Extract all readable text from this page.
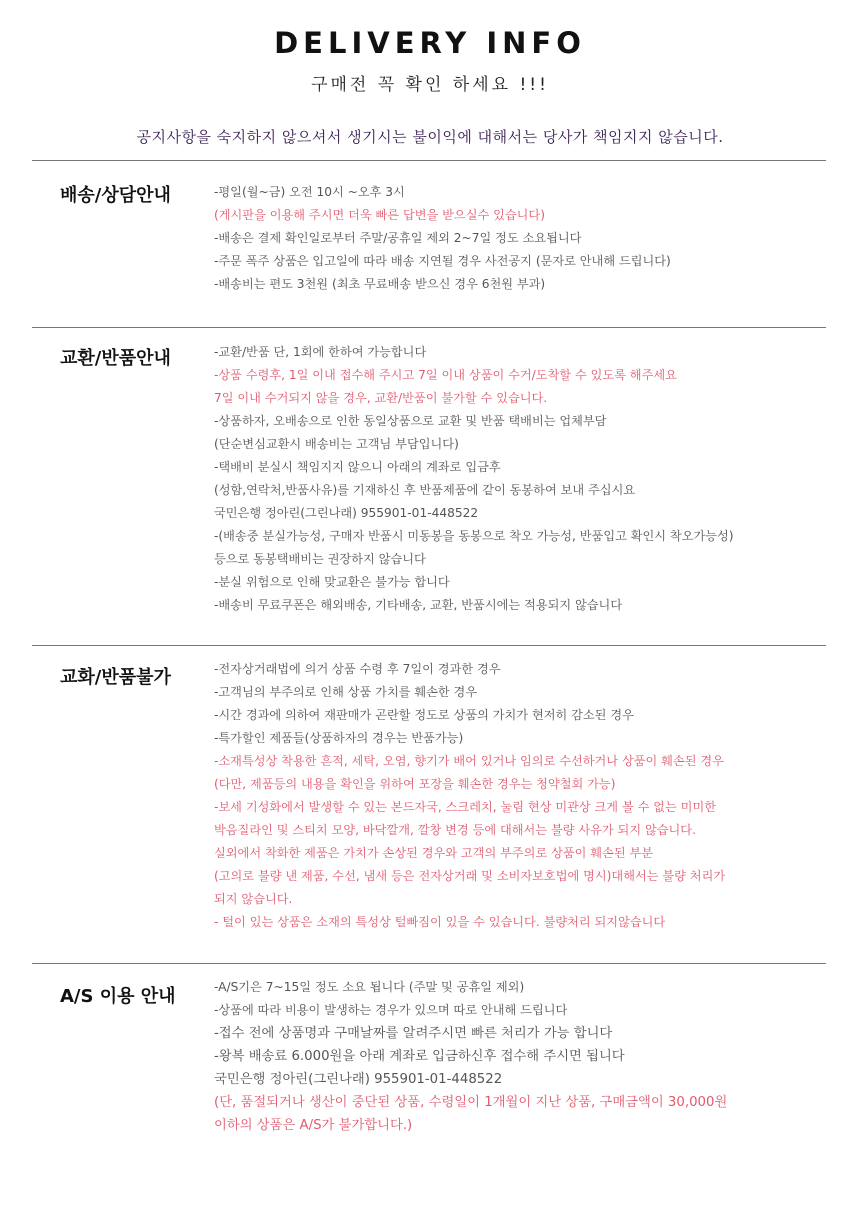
DELIVERY INFO
구매전 꼭 확인 하세요 !!!
공지사항을 숙지하지 않으셔서 생기시는 불이익에 대해서는 당사가 책임지지 않습니다.
배송/상담안내	-평일(월~금) 오전 10시 ~오후 3시
(게시판을 이용해 주시면 더욱 빠른 답변을 받으실수 있습니다)
-배송은 결제 확인일로부터 주말/공휴일 제외 2~7일 정도 소요됩니다
-주문 폭주 상품은 입고일에 따라 배송 지연될 경우 사전공지 (문자로 안내해 드립니다)
-배송비는 편도 3천원 (최초 무료배송 받으신 경우 6천원 부과)
교환/반품안내	-교환/반품 단, 1회에 한하여 가능합니다
-상품 수령후, 1일 이내 접수해 주시고 7일 이내 상품이 수거/도착할 수 있도록 해주세요
7일 이내 수거되지 않을 경우, 교환/반품이 불가할 수 있습니다.
-상품하자, 오배송으로 인한 동일상품으로 교환 및 반품 택배비는 업체부담
(단순변심교환시 배송비는 고객님 부담입니다)
-택배비 분실시 책임지지 않으니 아래의 계좌로 입금후
(성함,연락처,반품사유)를 기재하신 후 반품제품에 같이 동봉하여 보내 주십시요
국민은행 정아린(그린나래) 955901-01-448522
-(배송중 분실가능성, 구매자 반품시 미동봉을 동봉으로 착오 가능성, 반품입고 확인시 착오가능성)
등으로 동봉택배비는 권장하지 않습니다
-분실 위험으로 인해 맞교환은 불가능 합니다
-배송비 무료쿠폰은 해외배송, 기타배송, 교환, 반품시에는 적용되지 않습니다
교화/반품불가	-전자상거래법에 의거 상품 수령 후 7일이 경과한 경우
-고객님의 부주의로 인해 상품 가치를 훼손한 경우
-시간 경과에 의하여 재판매가 곤란할 정도로 상품의 가치가 현저히 감소된 경우
-특가할인 제품들(상품하자의 경우는 반품가능)
-소재특성상 착용한 흔적, 세탁, 오염, 향기가 배어 있거나 임의로 수선하거나 상품이 훼손된 경우
(다만, 제품등의 내용을 확인을 위하여 포장을 훼손한 경우는 청약철회 가능)
-보세 기성화에서 발생할 수 있는 본드자국, 스크레치, 눌림 현상 미관상 크게 볼 수 없는 미미한
박음질라인 및 스티치 모양, 바닥깔개, 깔창 변경 등에 대해서는 불량 사유가 되지 않습니다.
실외에서 착화한 제품은 가치가 손상된 경우와 고객의 부주의로 상품이 훼손된 부분
(고의로 불량 낸 제품, 수선, 냄새 등은 전자상거래 및 소비자보호법에 명시)대해서는 불량 처리가
되지 않습니다.
- 털이 있는 상품은 소재의 특성상 털빠짐이 있을 수 있습니다. 불량처리 되지않습니다
A/S 이용 안내	-A/S기은 7~15일 정도 소요 됩니다 (주말 및 공휴일 제외)
-상품에 따라 비용이 발생하는 경우가 있으며 따로 안내해 드립니다
-접수 전에 상품명과 구매날짜를 알려주시면 빠른 처리가 가능 합니다
-왕복 배송료 6.000원을 아래 계좌로 입금하신후 접수해 주시면 됩니다
국민은행 정아린(그린나래) 955901-01-448522
(단, 품절되거나 생산이 중단된 상품, 수령일이 1개월이 지난 상품, 구매금액이 30,000원
이하의 상품은 A/S가 불가합니다.)
